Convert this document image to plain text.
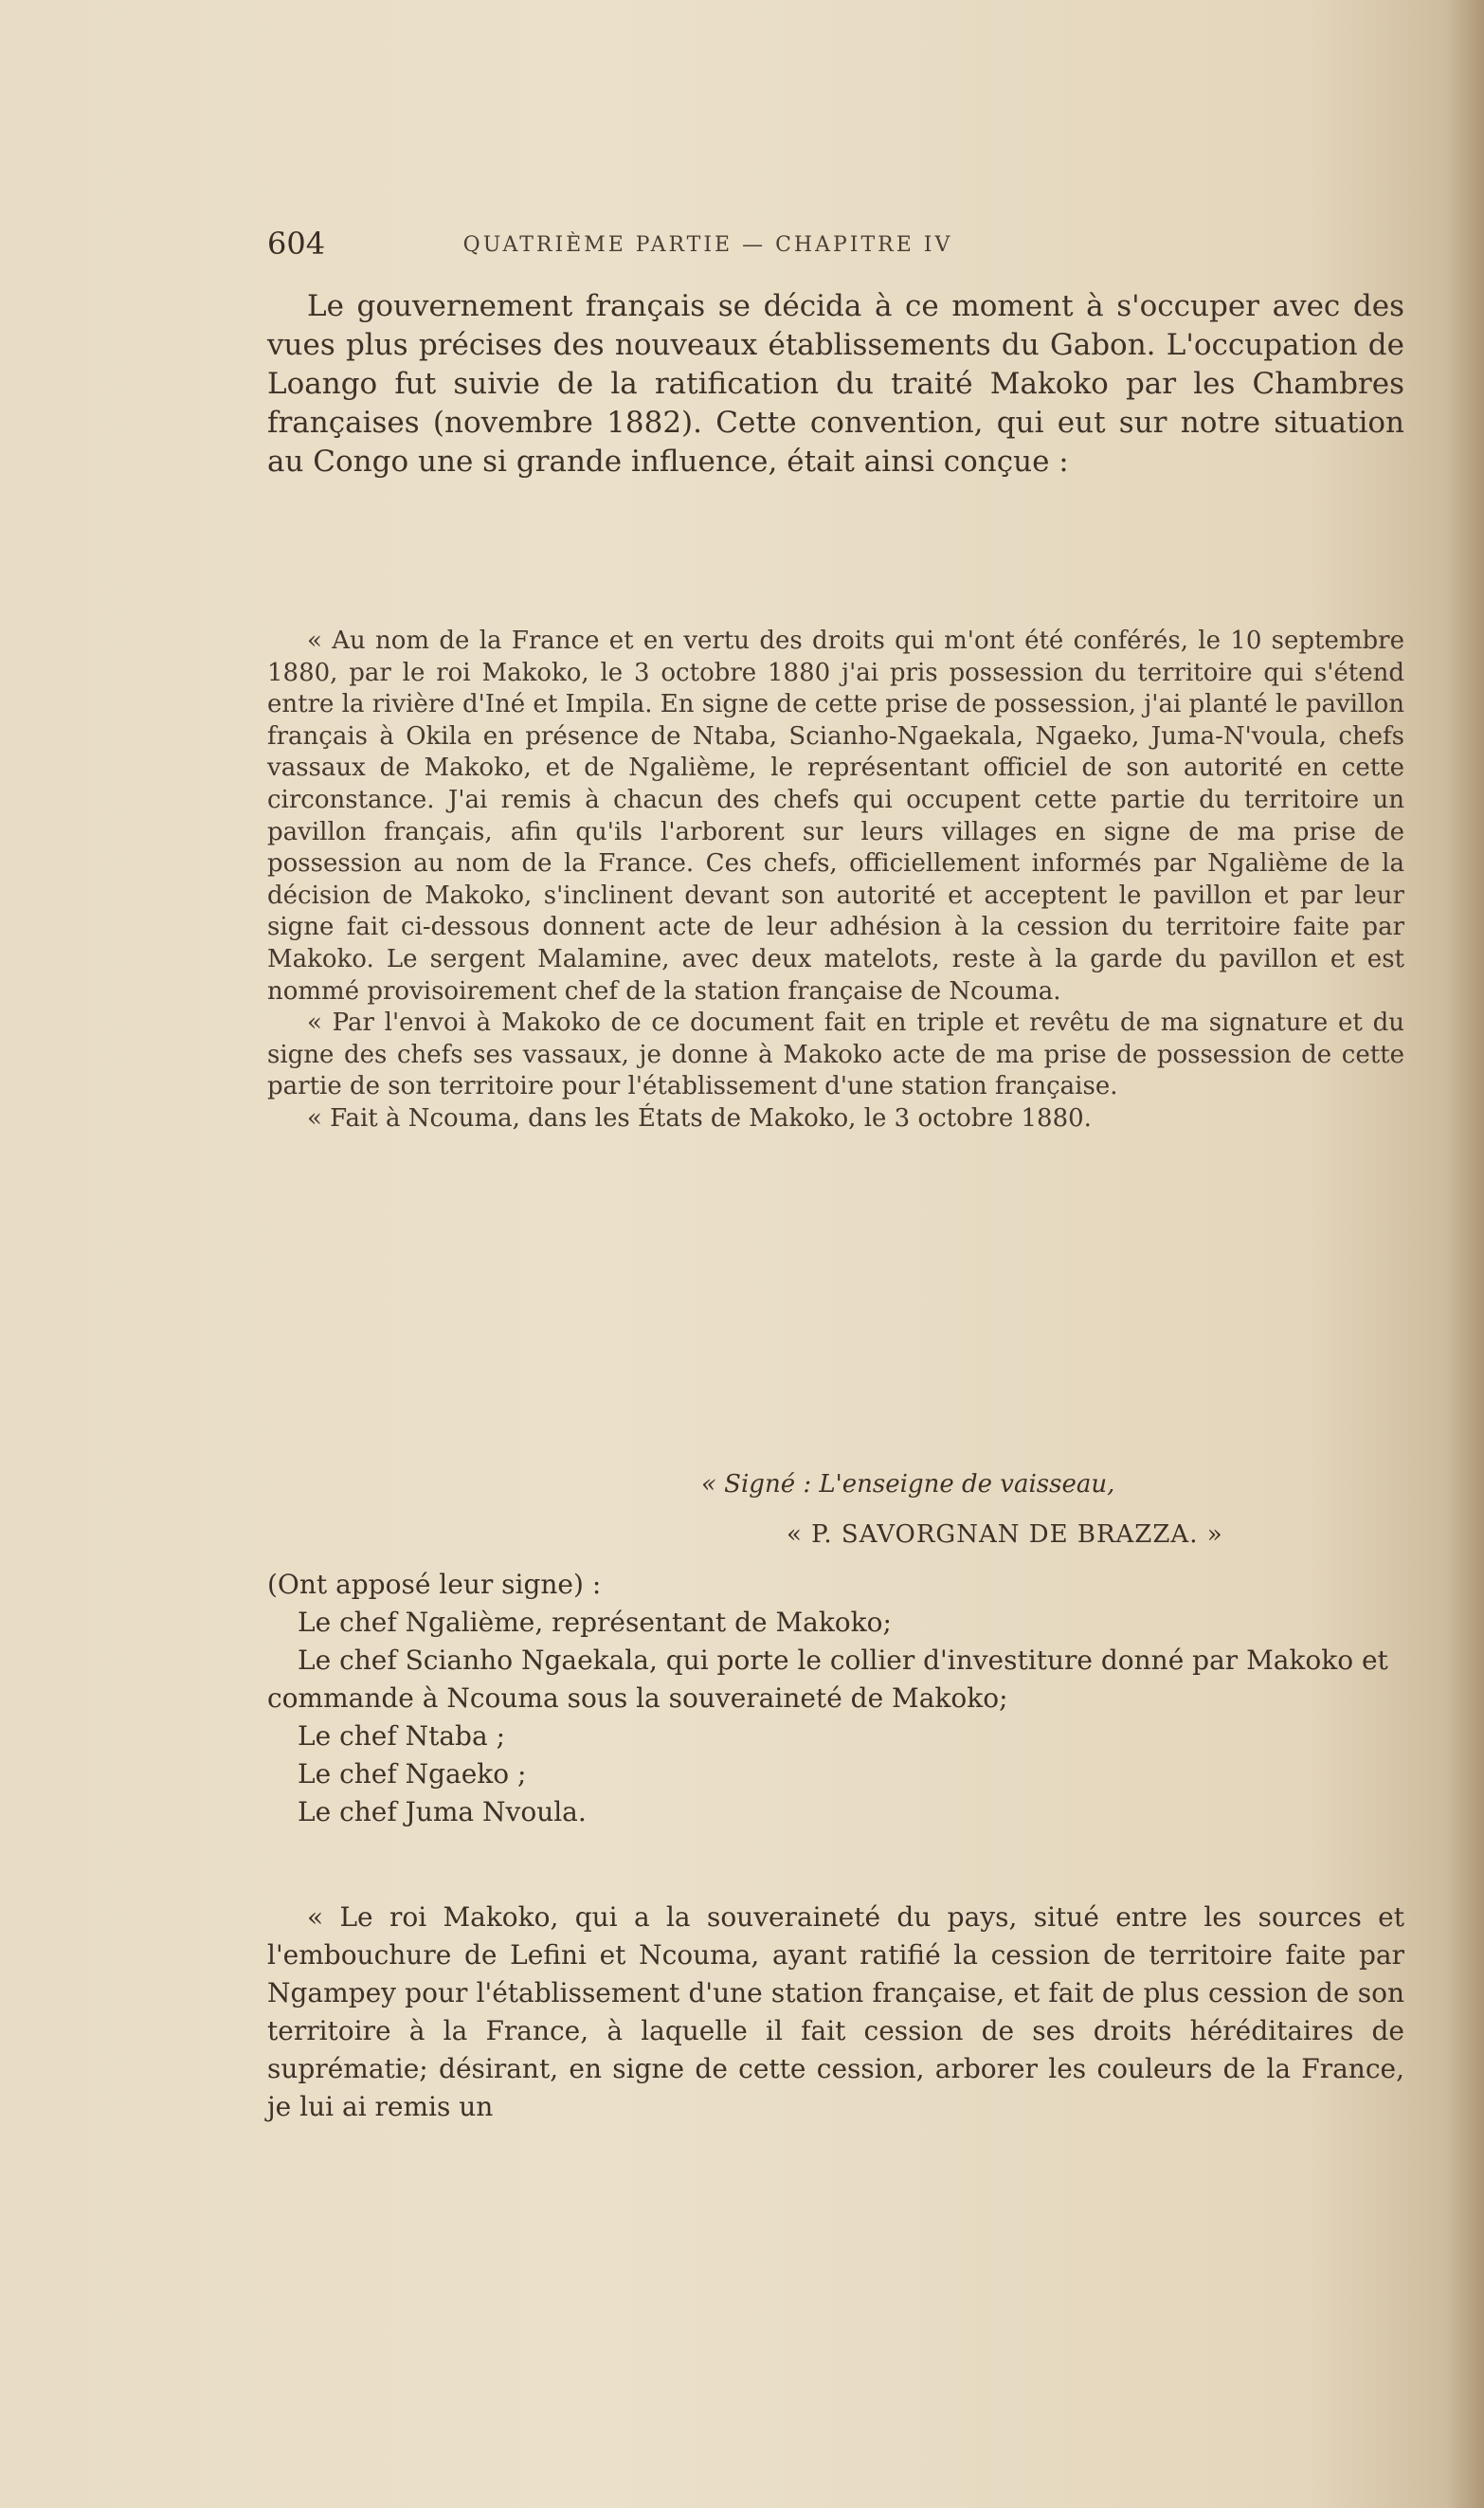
604	QUATRIÈME PARTIE — CHAPITRE IV

Le gouvernement français se décida à ce moment à s'occuper avec des vues plus précises des nouveaux établissements du Gabon. L'occupation de Loango fut suivie de la ratification du traité Makoko par les Chambres françaises (novembre 1882). Cette convention, qui eut sur notre situation au Congo une si grande influence, était ainsi conçue :

« Au nom de la France et en vertu des droits qui m'ont été conférés, le 10 septembre 1880, par le roi Makoko, le 3 octobre 1880 j'ai pris possession du territoire qui s'étend entre la rivière d'Iné et Impila. En signe de cette prise de possession, j'ai planté le pavillon français à Okila en présence de Ntaba, Scianho-Ngaekala, Ngaeko, Juma-N'voula, chefs vassaux de Makoko, et de Ngalième, le représentant officiel de son autorité en cette circonstance. J'ai remis à chacun des chefs qui occupent cette partie du territoire un pavillon français, afin qu'ils l'arborent sur leurs villages en signe de ma prise de possession au nom de la France. Ces chefs, officiellement informés par Ngalième de la décision de Makoko, s'inclinent devant son autorité et acceptent le pavillon et par leur signe fait ci-dessous donnent acte de leur adhésion à la cession du territoire faite par Makoko. Le sergent Malamine, avec deux matelots, reste à la garde du pavillon et est nommé provisoirement chef de la station française de Ncouma.

« Par l'envoi à Makoko de ce document fait en triple et revêtu de ma signature et du signe des chefs ses vassaux, je donne à Makoko acte de ma prise de possession de cette partie de son territoire pour l'établissement d'une station française.

« Fait à Ncouma, dans les États de Makoko, le 3 octobre 1880.

« Signé : L'enseigne de vaisseau,
« P. SAVORGNAN DE BRAZZA. »

(Ont apposé leur signe) :

Le chef Ngalième, représentant de Makoko;

Le chef Scianho Ngaekala, qui porte le collier d'investiture donné par Makoko et commande à Ncouma sous la souveraineté de Makoko;

Le chef Ntaba ;

Le chef Ngaeko ;

Le chef Juma Nvoula.

« Le roi Makoko, qui a la souveraineté du pays, situé entre les sources et l'embouchure de Lefini et Ncouma, ayant ratifié la cession de territoire faite par Ngampey pour l'établissement d'une station française, et fait de plus cession de son territoire à la France, à laquelle il fait cession de ses droits héréditaires de suprématie; désirant, en signe de cette cession, arborer les couleurs de la France, je lui ai remis un
